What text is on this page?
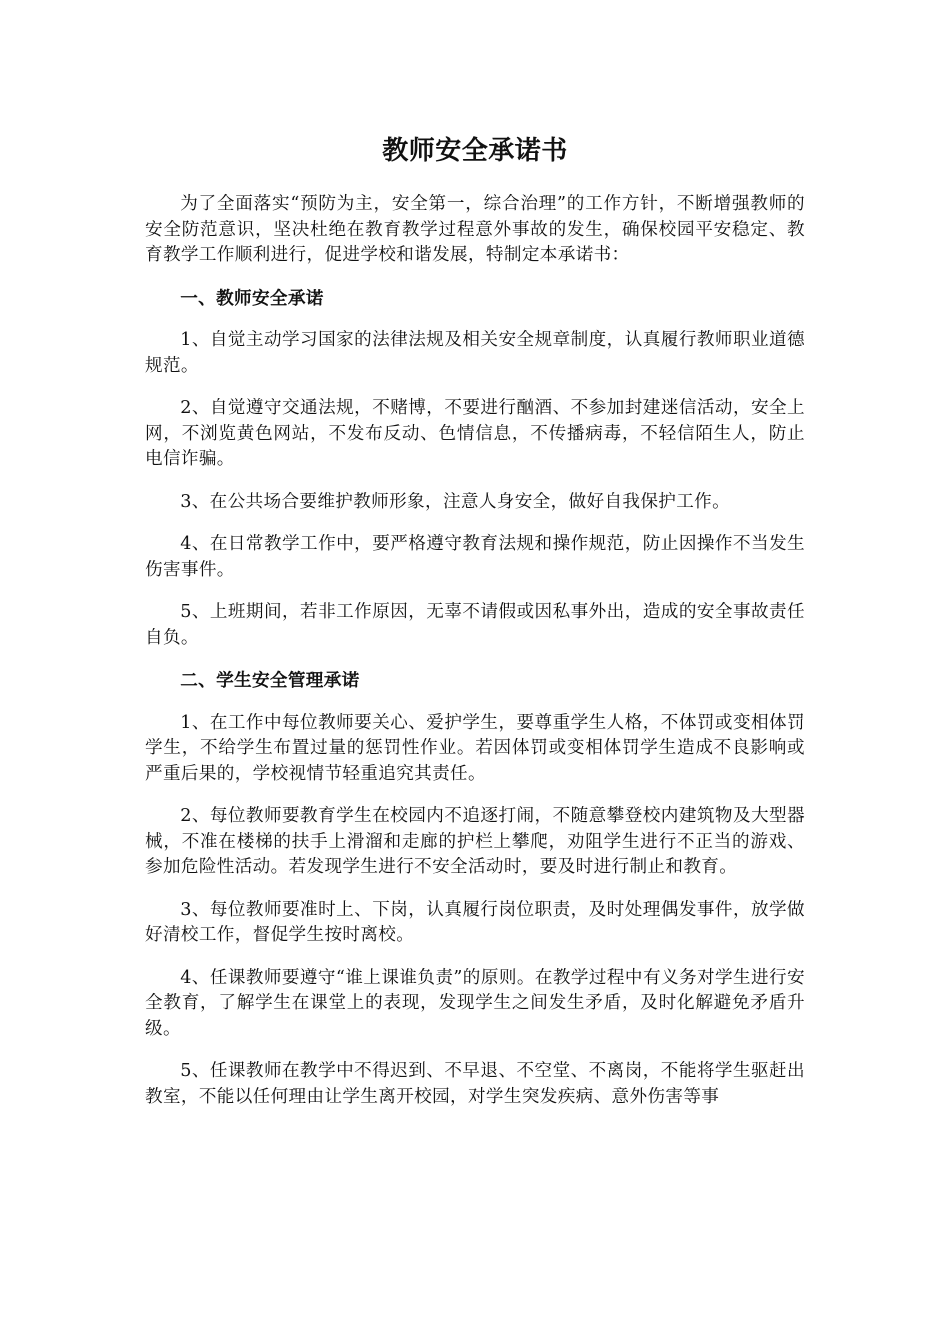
教师安全承诺书

为了全面落实“预防为主，安全第一，综合治理”的工作方针，不断增强教师的安全防范意识，坚决杜绝在教育教学过程意外事故的发生，确保校园平安稳定、教育教学工作顺利进行，促进学校和谐发展，特制定本承诺书：

一、教师安全承诺

1、自觉主动学习国家的法律法规及相关安全规章制度，认真履行教师职业道德规范。

2、自觉遵守交通法规，不赌博，不要进行酗酒、不参加封建迷信活动，安全上网，不浏览黄色网站，不发布反动、色情信息，不传播病毒，不轻信陌生人，防止电信诈骗。

3、在公共场合要维护教师形象，注意人身安全，做好自我保护工作。

4、在日常教学工作中，要严格遵守教育法规和操作规范，防止因操作不当发生伤害事件。

5、上班期间，若非工作原因，无辜不请假或因私事外出，造成的安全事故责任自负。

二、学生安全管理承诺

1、在工作中每位教师要关心、爱护学生，要尊重学生人格，不体罚或变相体罚学生，不给学生布置过量的惩罚性作业。若因体罚或变相体罚学生造成不良影响或严重后果的，学校视情节轻重追究其责任。

2、每位教师要教育学生在校园内不追逐打闹，不随意攀登校内建筑物及大型器械，不准在楼梯的扶手上滑溜和走廊的护栏上攀爬，劝阻学生进行不正当的游戏、参加危险性活动。若发现学生进行不安全活动时，要及时进行制止和教育。

3、每位教师要准时上、下岗，认真履行岗位职责，及时处理偶发事件，放学做好清校工作，督促学生按时离校。

4、任课教师要遵守“谁上课谁负责”的原则。在教学过程中有义务对学生进行安全教育，了解学生在课堂上的表现，发现学生之间发生矛盾，及时化解避免矛盾升级。

5、任课教师在教学中不得迟到、不早退、不空堂、不离岗，不能将学生驱赶出教室，不能以任何理由让学生离开校园，对学生突发疾病、意外伤害等事
